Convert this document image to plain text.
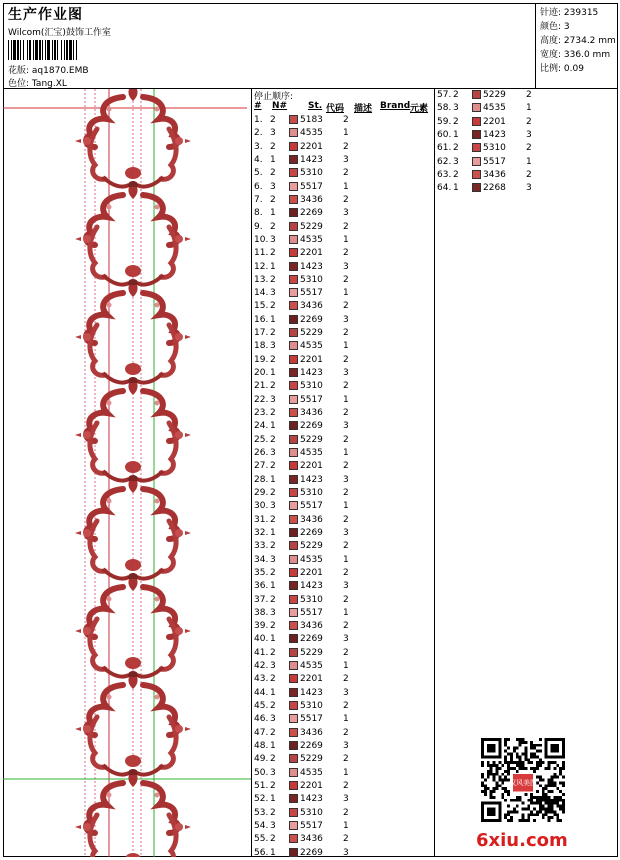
生产作业图
Wilcom(汇宝)鼓饰工作室
花版: aq1870.EMB
色位: Tang.XL
针迹: 239315
颜色: 3
高度: 2734.2 mm
宽度: 336.0 mm
比例: 0.09
停止顺序:
# N# St. 代码 描述 Brand 元素
1. 2	5183 2
2. 3	4535 1
3. 2	2201 2
4. 1	1423 3
5. 2	5310 2
6. 3	5517 1
7. 2	3436 2
8. 1	2269 3
9. 2	5229 2
10. 3	4535 1
11. 2	2201 2
12. 1	1423 3
13. 2	5310 2
14. 3	5517 1
15. 2	3436 2
16. 1	2269 3
17. 2	5229 2
18. 3	4535 1
19. 2	2201 2
20. 1	1423 3
21. 2	5310 2
22. 3	5517 1
23. 2	3436 2
24. 1	2269 3
25. 2	5229 2
26. 3	4535 1
27. 2	2201 2
28. 1	1423 3
29. 2	5310 2
30. 3	5517 1
31. 2	3436 2
32. 1	2269 3
33. 2	5229 2
34. 3	4535 1
35. 2	2201 2
36. 1	1423 3
37. 2	5310 2
38. 3	5517 1
39. 2	3436 2
40. 1	2269 3
41. 2	5229 2
42. 3	4535 1
43. 2	2201 2
44. 1	1423 3
45. 2	5310 2
46. 3	5517 1
47. 2	3436 2
48. 1	2269 3
49. 2	5229 2
50. 3	4535 1
51. 2	2201 2
52. 1	1423 3
53. 2	5310 2
54. 3	5517 1
55. 2	3436 2
56. 1	2269 3
57. 2	5229 2
58. 3	4535 1
59. 2	2201 2
60. 1	1423 3
61. 2	5310 2
62. 3	5517 1
63. 2	3436 2
64. 1	2268 3
汉风美图
6xiu.com
